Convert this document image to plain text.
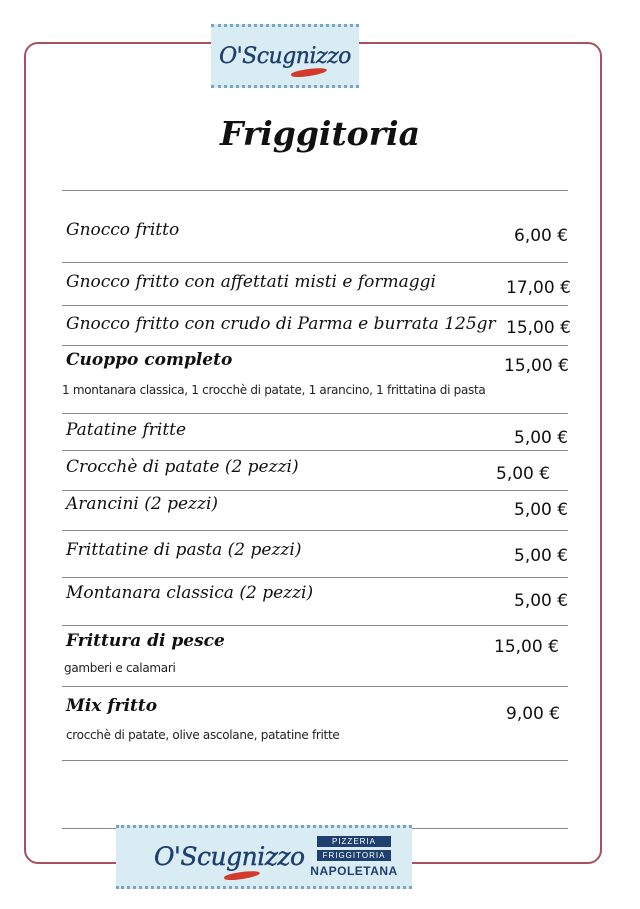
O'Scugnizzo
Friggitoria
Gnocco fritto	6,00 €
Gnocco fritto con affettati misti e formaggi	17,00 €
Gnocco fritto con crudo di Parma e burrata 125gr 15,00 €
Cuoppo completo	15,00 €
1 montanara classica, 1 crocchè di patate, 1 arancino, 1 frittatina di pasta
Patatine fritte	5,00 €
Crocchè di patate (2 pezzi)	5,00 €
Arancini (2 pezzi)	5,00 €
Frittatine di pasta (2 pezzi)	5,00 €
Montanara classica (2 pezzi)	5,00 €
Frittura di pesce	15,00 €
gamberi e calamari
Mix fritto	9,00 €
crocchè di patate, olive ascolane, patatine fritte
O'Scugnizzo
PIZZERIA
FRIGGITORIA
NAPOLETANA
